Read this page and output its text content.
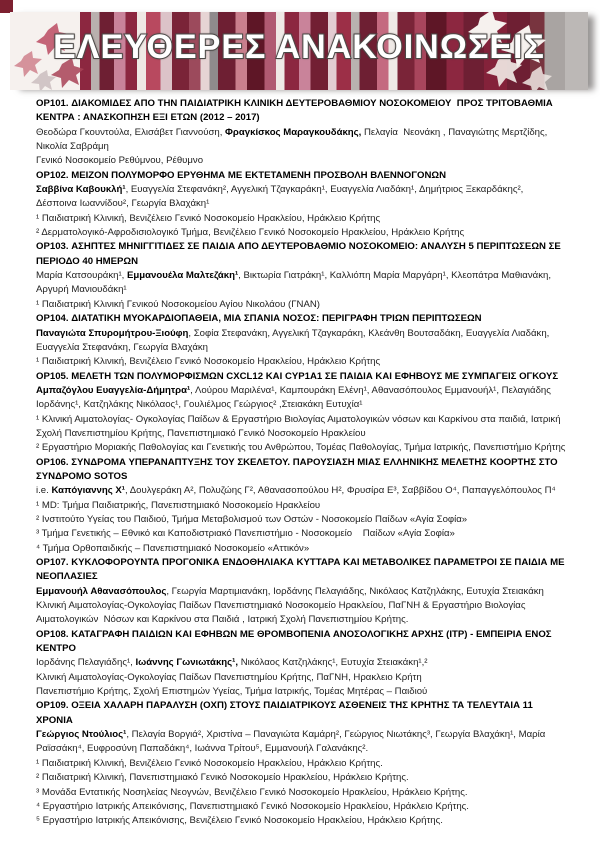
ΕΛΕΥΘΕΡΕΣ ΑΝΑΚΟΙΝΩΣΕΙΣ

OP101. ΔΙΑΚΟΜΙΔΕΣ ΑΠΟ ΤΗΝ ΠΑΙΔΙΑΤΡΙΚΗ ΚΛΙΝΙΚΗ ΔΕΥΤΕΡΟΒΑΘΜΙΟΥ ΝΟΣΟΚΟΜΕΙΟΥ  ΠΡΟΣ ΤΡΙΤΟΒΑΘΜΙΑ ΚΕΝΤΡΑ : ΑΝΑΣΚΟΠΗΣΗ ΕΞΙ ΕΤΩΝ (2012 – 2017)

Θεοδώρα Γκουντούλα, Ελισάβετ Γιαννούση, Φραγκίσκος Μαραγκουδάκης, Πελαγία  Νεονάκη , Παναγιώτης Μερτζίδης, Νικολία Σαβράμη

Γενικό Νοσοκομείο Ρεθύμνου, Ρέθυμνο

OP102. ΜΕΙΖΟΝ ΠΟΛΥΜΟΡΦΟ ΕΡΥΘΗΜΑ ΜΕ ΕΚΤΕΤΑΜΕΝΗ ΠΡΟΣΒΟΛΗ ΒΛΕΝΝΟΓΟΝΩΝ

Σαββίνα Καβουκλή¹, Ευαγγελία Στεφανάκη², Αγγελική Τζαγκαράκη¹, Ευαγγελία Λιαδάκη¹, Δημήτριος Ξεκαρδάκης², Δέσποινα Ιωαννίδου², Γεωργία Βλαχάκη¹

¹ Παιδιατρική Κλινική, Βενιζέλειο Γενικό Νοσοκομείο Ηρακλείου, Ηράκλειο Κρήτης
² Δερματολογικό-Αφροδισιολογικό Τμήμα, Βενιζέλειο Γενικό Νοσοκομείο Ηρακλείου, Ηράκλειο Κρήτης

OP103. ΑΣΗΠΤΕΣ ΜΗΝΙΓΓΙΤΙΔΕΣ ΣΕ ΠΑΙΔΙΑ ΑΠΟ ΔΕΥΤΕΡΟΒΑΘΜΙΟ ΝΟΣΟΚΟΜΕΙΟ: ΑΝΑΛΥΣΗ 5 ΠΕΡΙΠΤΩΣΕΩΝ ΣΕ ΠΕΡΙΟΔΟ 40 ΗΜΕΡΩΝ

Μαρία Κατσουράκη¹, Εμμανουέλα Μαλτεζάκη¹, Βικτωρία Γιατράκη¹, Καλλιόπη Μαρία Μαργάρη¹, Κλεοπάτρα Μαθιανάκη, Αργυρή Μανιουδάκη¹

¹ Παιδιατρική Κλινική Γενικού Νοσοκομείου Αγίου Νικολάου (ΓΝΑΝ)

OP104. ΔΙΑΤΑΤΙΚΗ ΜΥΟΚΑΡΔΙΟΠΑΘΕΙΑ, ΜΙΑ ΣΠΑΝΙΑ ΝΟΣΟΣ: ΠΕΡΙΓΡΑΦΗ ΤΡΙΩΝ ΠΕΡΙΠΤΩΣΕΩΝ

Παναγιώτα Σπυρομήτρου-Ξιούφη, Σοφία Στεφανάκη, Αγγελική Τζαγκαράκη, Κλεάνθη Βουτσαδάκη, Ευαγγελία Λιαδάκη, Ευαγγελία Στεφανάκη, Γεωργία Βλαχάκη

¹ Παιδιατρική Κλινική, Βενιζέλειο Γενικό Νοσοκομείο Ηρακλείου, Ηράκλειο Κρήτης

OP105. ΜΕΛΕΤΗ ΤΩΝ ΠΟΛΥΜΟΡΦΙΣΜΩΝ CXCL12 ΚΑΙ CYP1A1 ΣΕ ΠΑΙΔΙΑ ΚΑΙ ΕΦΗΒΟΥΣ ΜΕ ΣΥΜΠΑΓΕΙΣ ΟΓΚΟΥΣ

Αμπαζόγλου Ευαγγελία-Δήμητρα¹, Λούρου Μαριλένα¹, Καμπουράκη Ελένη¹, Αθανασόπουλος Εμμανουήλ¹, Πελαγιάδης Ιορδάνης¹, Κατζηλάκης Νικόλαος¹, Γουλιέλμος Γεώργιος² ,Στειακάκη Ευτυχία¹

¹ Κλινική Αιματολογίας- Ογκολογίας Παίδων & Εργαστήριο Βιολογίας Αιματολογικών νόσων και Καρκίνου στα παιδιά, Ιατρική Σχολή Πανεπιστημίου Κρήτης, Πανεπιστημιακό Γενικό Νοσοκομείο Ηρακλείου
² Εργαστήριο Μοριακής Παθολογίας και Γενετικής του Ανθρώπου, Τομέας Παθολογίας, Τμήμα Ιατρικής, Πανεπιστήμιο Κρήτης

OP106. ΣΥΝΔΡΟΜΑ ΥΠΕΡΑΝΑΠΤΥΞΗΣ ΤΟΥ ΣΚΕΛΕΤΟΥ. ΠΑΡΟΥΣΙΑΣΗ ΜΙΑΣ ΕΛΛΗΝΙΚΗΣ ΜΕΛΕΤΗΣ ΚΟΟΡΤΗΣ ΣΤΟ ΣΥΝΔΡΟΜΟ SOTOS

i.e. Καπόγιαννης Χ¹, Δουλγεράκη Α², Πολυζώης Γ², Αθανασοπούλου Η², Φρυσίρα Ε³, Σαββίδου Ο⁴, Παπαγγελόπουλος Π⁴

¹ MD: Τμήμα Παιδιατρικής, Πανεπιστημιακό Νοσοκομείο Ηρακλείου
² Ινστιτούτο Υγείας του Παιδιού, Τμήμα Μεταβολισμού των Οστών - Νοσοκομείο Παίδων «Αγία Σοφία»
³ Τμήμα Γενετικής – Εθνικό και Καποδιστριακό Πανεπιστήμιο - Νοσοκομείο    Παίδων «Αγία Σοφία»
⁴ Τμήμα Ορθοπαιδικής – Πανεπιστημιακό Νοσοκομείο «Αττικόν»

OP107. ΚΥΚΛΟΦΟΡΟΥΝΤΑ ΠΡΟΓΟΝΙΚΑ ΕΝΔΟΘΗΛΙΑΚΑ ΚΥΤΤΑΡΑ ΚΑΙ ΜΕΤΑΒΟΛΙΚΕΣ ΠΑΡΑΜΕΤΡΟΙ ΣΕ ΠΑΙΔΙΑ ΜΕ ΝΕΟΠΛΑΣΙΕΣ

Εμμανουήλ Αθανασόπουλος, Γεωργία Μαρτιμιανάκη, Ιορδάνης Πελαγιάδης, Νικόλαος Κατζηλάκης, Ευτυχία Στειακάκη

Κλινική Αιματολογίας-Ογκολογίας Παίδων Πανεπιστημιακό Νοσοκομείο Ηρακλείου, ΠαΓΝΗ & Εργαστήριο Βιολογίας Αιματολογικών  Νόσων και Καρκίνου στα Παιδιά , Ιατρική Σχολή Πανεπιστημίου Κρήτης.

OP108. ΚΑΤΑΓΡΑΦΗ ΠΑΙΔΙΩΝ ΚΑΙ ΕΦΗΒΩΝ ΜΕ ΘΡΟΜΒΟΠΕΝΙΑ ΑΝΟΣΟΛΟΓΙΚΗΣ ΑΡΧΗΣ (ITP) - ΕΜΠΕΙΡΙΑ ΕΝΟΣ ΚΕΝΤΡΟ

Ιορδάνης Πελαγιάδης¹, Ιωάννης Γωνιωτάκης¹, Νικόλαος Κατζηλάκης¹, Ευτυχία Στειακάκη¹,²

Κλινική Αιματολογίας-Ογκολογίας Παίδων Πανεπιστημίου Κρήτης, ΠαΓΝΗ, Ηρακλειο Κρήτη
Πανεπιστήμιο Κρήτης, Σχολή Επιστημών Υγείας, Τμήμα Ιατρικής, Τομέας Μητέρας – Παιδιού

OP109. ΟΞΕΙΑ ΧΑΛΑΡΗ ΠΑΡΑΛΥΣΗ (ΟΧΠ) ΣΤΟΥΣ ΠΑΙΔΙΑΤΡΙΚΟΥΣ ΑΣΘΕΝΕΙΣ ΤΗΣ ΚΡΗΤΗΣ ΤΑ ΤΕΛΕΥΤΑΙΑ 11 ΧΡΟΝΙΑ

Γεώργιος Ντούλιος¹, Πελαγία Βοργιά², Χριστίνα – Παναγιώτα Καμάρη², Γεώργιος Νιωτάκης³, Γεωργία Βλαχάκη¹, Μαρία Ραϊσσάκη⁴, Ευφροσύνη Παπαδάκη⁴, Ιωάννα Τρίτου⁵, Εμμανουήλ Γαλανάκης².

¹ Παιδιατρική Κλινική, Βενιζέλειο Γενικό Νοσοκομείο Ηρακλείου, Ηράκλειο Κρήτης.
² Παιδιατρική Κλινική, Πανεπιστημιακό Γενικό Νοσοκομείο Ηρακλείου, Ηράκλειο Κρήτης.
³ Μονάδα Εντατικής Νοσηλείας Νεογνών, Βενιζέλειο Γενικό Νοσοκομείο Ηρακλείου, Ηράκλειο Κρήτης.
⁴ Εργαστήριο Ιατρικής Απεικόνισης, Πανεπιστημιακό Γενικό Νοσοκομείο Ηρακλείου, Ηράκλειο Κρήτης.
⁵ Εργαστήριο Ιατρικής Απεικόνισης, Βενιζέλειο Γενικό Νοσοκομείο Ηρακλείου, Ηράκλειο Κρήτης.
